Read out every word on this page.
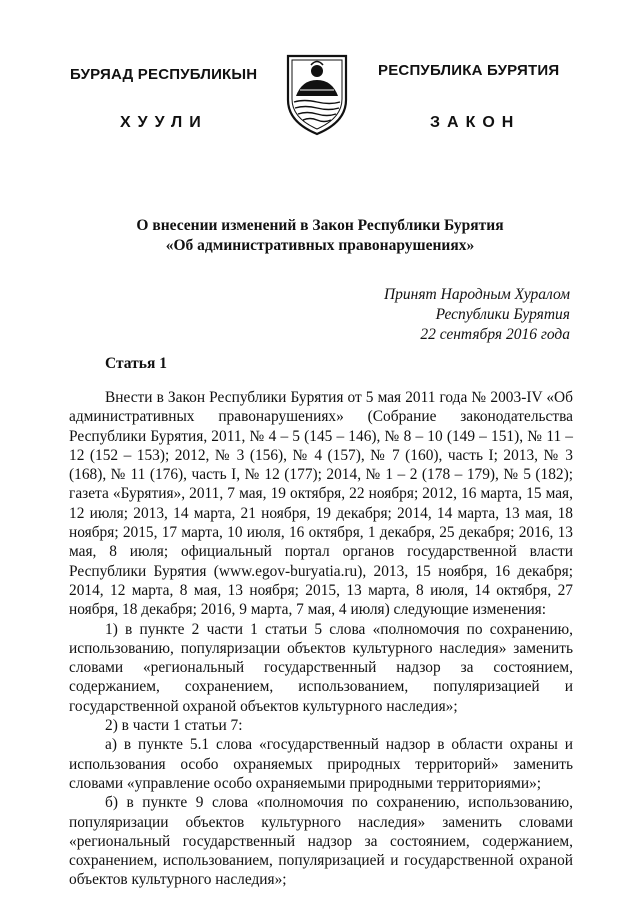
БУРЯАД РЕСПУБЛИКЫН
ХУУЛИ
РЕСПУБЛИКА БУРЯТИЯ
ЗАКОН
О внесении изменений в Закон Республики Бурятия
«Об административных правонарушениях»
Принят Народным Хуралом
Республики Бурятия
22 сентября 2016 года
Статья 1

Внести в Закон Республики Бурятия от 5 мая 2011 года № 2003-IV «Об административных правонарушениях» (Собрание законодательства Республики Бурятия, 2011, № 4 – 5 (145 – 146), № 8 – 10 (149 – 151), № 11 – 12 (152 – 153); 2012, № 3 (156), № 4 (157), № 7 (160), часть I; 2013, № 3 (168), № 11 (176), часть I, № 12 (177); 2014, № 1 – 2 (178 – 179), № 5 (182); газета «Бурятия», 2011, 7 мая, 19 октября, 22 ноября; 2012, 16 марта, 15 мая, 12 июля; 2013, 14 марта, 21 ноября, 19 декабря; 2014, 14 марта, 13 мая, 18 ноября; 2015, 17 марта, 10 июля, 16 октября, 1 декабря, 25 декабря; 2016, 13 мая, 8 июля; официальный портал органов государственной власти Республики Бурятия (www.egov-buryatia.ru), 2013, 15 ноября, 16 декабря; 2014, 12 марта, 8 мая, 13 ноября; 2015, 13 марта, 8 июля, 14 октября, 27 ноября, 18 декабря; 2016, 9 марта, 7 мая, 4 июля) следующие изменения:

1) в пункте 2 части 1 статьи 5 слова «полномочия по сохранению, использованию, популяризации объектов культурного наследия» заменить словами «региональный государственный надзор за состоянием, содержанием, сохранением, использованием, популяризацией и государственной охраной объектов культурного наследия»;

2) в части 1 статьи 7:

а) в пункте 5.1 слова «государственный надзор в области охраны и использования особо охраняемых природных территорий» заменить словами «управление особо охраняемыми природными территориями»;

б) в пункте 9 слова «полномочия по сохранению, использованию, популяризации объектов культурного наследия» заменить словами «региональный государственный надзор за состоянием, содержанием, сохранением, использованием, популяризацией и государственной охраной объектов культурного наследия»;
